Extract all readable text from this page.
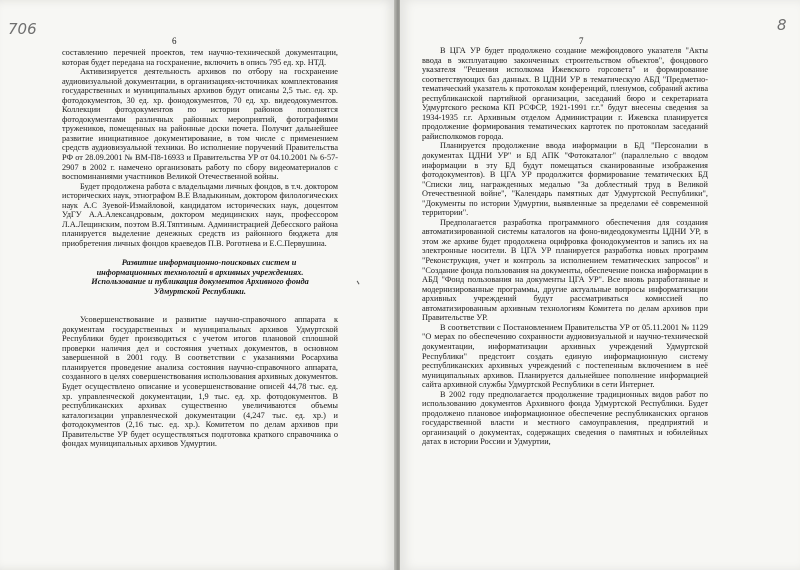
706
6

составлению перечней проектов, тем научно-технической документации, которая будет передана на госхранение, включить в опись 795 ед. хр. НТД.

Активизируется деятельность архивов по отбору на госхранение аудиовизуальной документации, в организациях-источниках комплектования государственных и муниципальных архивов будут описаны 2,5 тыс. ед. хр. фотодокументов, 30 ед. хр. фонодокументов, 70 ед. хр. видеодокументов. Коллекции фотодокументов по истории районов пополнятся фотодокументами различных районных мероприятий, фотографиями тружеников, помещенных на районные доски почета. Получит дальнейшее развитие инициативное документирование, в том числе с применением средств аудиовизуальной техники. Во исполнение поручений Правительства РФ от 28.09.2001 № ВМ-П8-16933 и Правительства УР от 04.10.2001 № 6-57-2907 в 2002 г. намечено организовать работу по сбору видеоматериалов с воспоминаниями участников Великой Отечественной войны.

Будет продолжена работа с владельцами личных фондов, в т.ч. доктором исторических наук, этнографом В.Е Владыкиным, доктором филологических наук А.С Зуевой-Измайловой, кандидатом исторических наук, доцентом УдГУ А.А.Александровым, доктором медицинских наук, профессором Л.А.Лещинским, поэтом В.Я.Тяптиным. Администрацией Дебесского района планируется выделение денежных средств из районного бюджета для приобретения личных фондов краеведов П.В. Роготнева и Е.С.Первушина.

Развитие информационно-поисковых систем и информационных технологий в архивных учреждениях. Использование и публикация документов Архивного фонда Удмуртской Республики.

Усовершенствование и развитие научно-справочного аппарата к документам государственных и муниципальных архивов Удмуртской Республики будет производиться с учетом итогов плановой сплошной проверки наличия дел и состояния учетных документов, в основном завершенной в 2001 году. В соответствии с указаниями Росархива планируется проведение анализа состояния научно-справочного аппарата, созданного в целях совершенствования использования архивных документов. Будет осуществлено описание и усовершенствование описей 44,78 тыс. ед. хр. управленческой документации, 1,9 тыс. ед. хр. фотодокументов. В республиканских архивах существенно увеличиваются объемы каталогизации управленческой документации (4,247 тыс. ед. хр.) и фотодокументов (2,16 тыс. ед. хр.). Комитетом по делам архивов при Правительстве УР будет осуществляться подготовка краткого справочника о фондах муниципальных архивов Удмуртии.

7
8

В ЦГА УР будет продолжено создание межфондового указателя "Акты ввода в эксплуатацию законченных строительством объектов", фондового указателя "Решения исполкома Ижевского горсовета" и формирование соответствующих баз данных. В ЦДНИ УР в тематическую АБД "Предметно-тематический указатель к протоколам конференций, пленумов, собраний актива республиканской партийной организации, заседаний бюро и секретариата Удмуртского рескома КП РСФСР, 1921-1991 г.г." будут внесены сведения за 1934-1935 г.г. Архивным отделом Администрации г. Ижевска планируется продолжение формирования тематических картотек по протоколам заседаний райисполкомов города.

Планируется продолжение ввода информации в БД "Персоналии в документах ЦДНИ УР" и БД АПК "Фотокаталог" (параллельно с вводом информации в эту БД будут помещаться сканированные изображения фотодокументов). В ЦГА УР продолжится формирование тематических БД "Списки лиц, награжденных медалью "За доблестный труд в Великой Отечественной войне", "Календарь памятных дат Удмуртской Республики", "Документы по истории Удмуртии, выявленные за пределами её современной территории".

Предполагается разработка программного обеспечения для создания автоматизированной системы каталогов на фоно-видеодокументы ЦДНИ УР, в этом же архиве будет продолжена оцифровка фонодокументов и запись их на электронные носители. В ЦГА УР планируется разработка новых программ "Реконструкция, учет и контроль за исполнением тематических запросов" и "Создание фонда пользования на документы, обеспечение поиска информации в АБД "Фонд пользования на документы ЦГА УР". Все вновь разработанные и модернизированные программы, другие актуальные вопросы информатизации архивных учреждений будут рассматриваться комиссией по автоматизированным архивным технологиям Комитета по делам архивов при Правительстве УР.

В соответствии с Постановлением Правительства УР от 05.11.2001 № 1129 "О мерах по обеспечению сохранности аудиовизуальной и научно-технической документации, информатизации архивных учреждений Удмуртской Республики" предстоит создать единую информационную систему республиканских архивных учреждений с постепенным включением в неё муниципальных архивов. Планируется дальнейшее пополнение информацией сайта архивной службы Удмуртской Республики в сети Интернет.

В 2002 году предполагается продолжение традиционных видов работ по использованию документов Архивного фонда Удмуртской Республики. Будет продолжено плановое информационное обеспечение республиканских органов государственной власти и местного самоуправления, предприятий и организаций о документах, содержащих сведения о памятных и юбилейных датах в истории России и Удмуртии,
